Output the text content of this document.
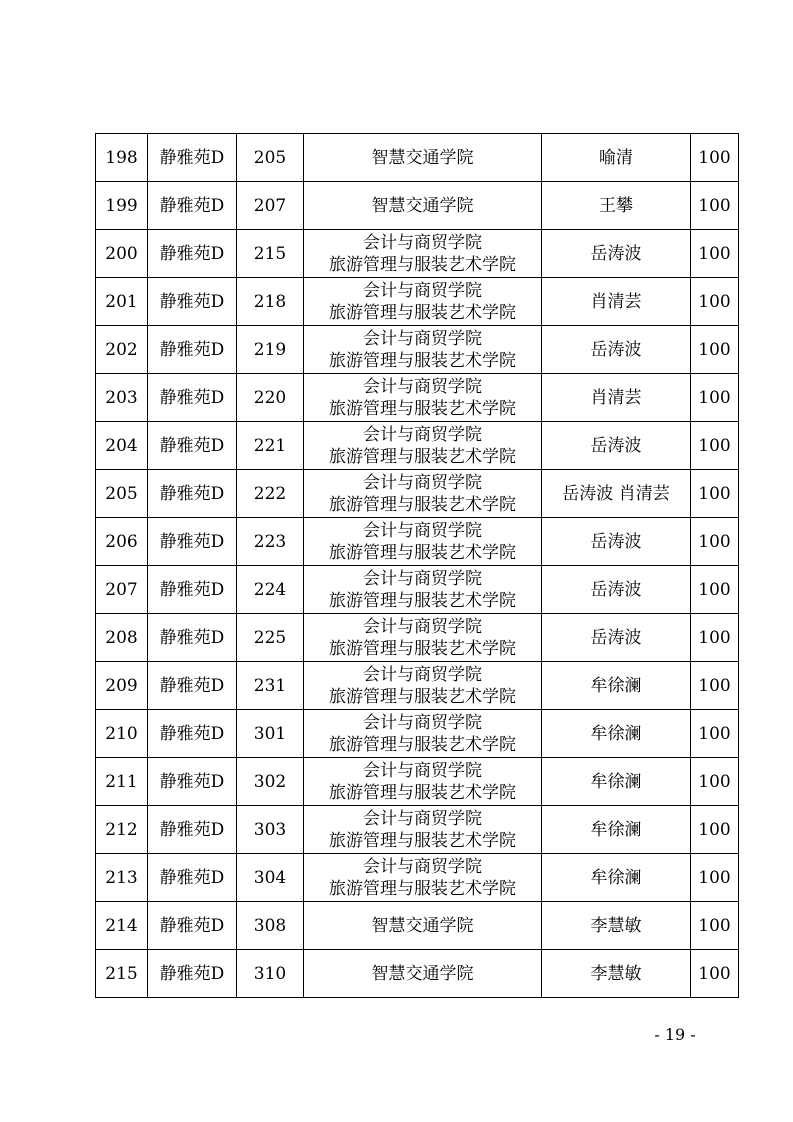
198	静雅苑D	205	智慧交通学院	喻清	100
199	静雅苑D	207	智慧交通学院	王攀	100
200	静雅苑D	215	会计与商贸学院
旅游管理与服装艺术学院	岳涛波	100
201	静雅苑D	218	会计与商贸学院
旅游管理与服装艺术学院	肖清芸	100
202	静雅苑D	219	会计与商贸学院
旅游管理与服装艺术学院	岳涛波	100
203	静雅苑D	220	会计与商贸学院
旅游管理与服装艺术学院	肖清芸	100
204	静雅苑D	221	会计与商贸学院
旅游管理与服装艺术学院	岳涛波	100
205	静雅苑D	222	会计与商贸学院
旅游管理与服装艺术学院	岳涛波 肖清芸	100
206	静雅苑D	223	会计与商贸学院
旅游管理与服装艺术学院	岳涛波	100
207	静雅苑D	224	会计与商贸学院
旅游管理与服装艺术学院	岳涛波	100
208	静雅苑D	225	会计与商贸学院
旅游管理与服装艺术学院	岳涛波	100
209	静雅苑D	231	会计与商贸学院
旅游管理与服装艺术学院	牟徐澜	100
210	静雅苑D	301	会计与商贸学院
旅游管理与服装艺术学院	牟徐澜	100
211	静雅苑D	302	会计与商贸学院
旅游管理与服装艺术学院	牟徐澜	100
212	静雅苑D	303	会计与商贸学院
旅游管理与服装艺术学院	牟徐澜	100
213	静雅苑D	304	会计与商贸学院
旅游管理与服装艺术学院	牟徐澜	100
214	静雅苑D	308	智慧交通学院	李慧敏	100
215	静雅苑D	310	智慧交通学院	李慧敏	100
- 19 -
